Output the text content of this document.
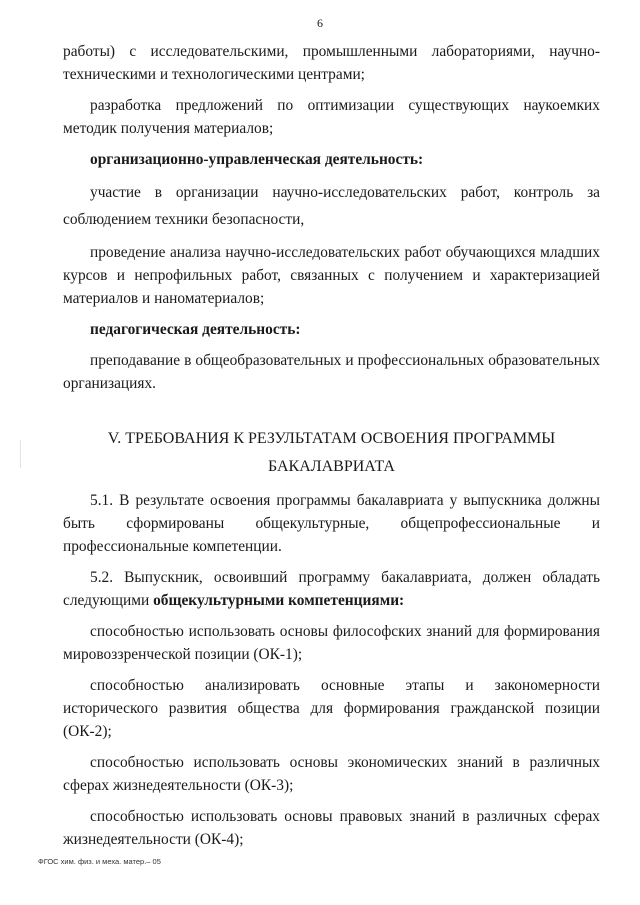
6

работы) с исследовательскими, промышленными лабораториями, научно-техническими и технологическими центрами;

разработка предложений по оптимизации существующих наукоемких методик получения материалов;

организационно-управленческая деятельность:

участие в организации научно-исследовательских работ, контроль за соблюдением техники безопасности,

проведение анализа научно-исследовательских работ обучающихся младших курсов и непрофильных работ, связанных с получением и характеризацией материалов и наноматериалов;

педагогическая деятельность:

преподавание в общеобразовательных и профессиональных образовательных организациях.

V. ТРЕБОВАНИЯ К РЕЗУЛЬТАТАМ ОСВОЕНИЯ ПРОГРАММЫ
БАКАЛАВРИАТА

5.1. В результате освоения программы бакалавриата у выпускника должны быть сформированы общекультурные, общепрофессиональные и профессиональные компетенции.

5.2. Выпускник, освоивший программу бакалавриата, должен обладать следующими общекультурными компетенциями:

способностью использовать основы философских знаний для формирования мировоззренческой позиции (ОК-1);

способностью анализировать основные этапы и закономерности исторического развития общества для формирования гражданской позиции (ОК-2);

способностью использовать основы экономических знаний в различных сферах жизнедеятельности (ОК-3);

способностью использовать основы правовых знаний в различных сферах жизнедеятельности (ОК-4);

ФГОС хим. физ. и меха. матер.– 05
